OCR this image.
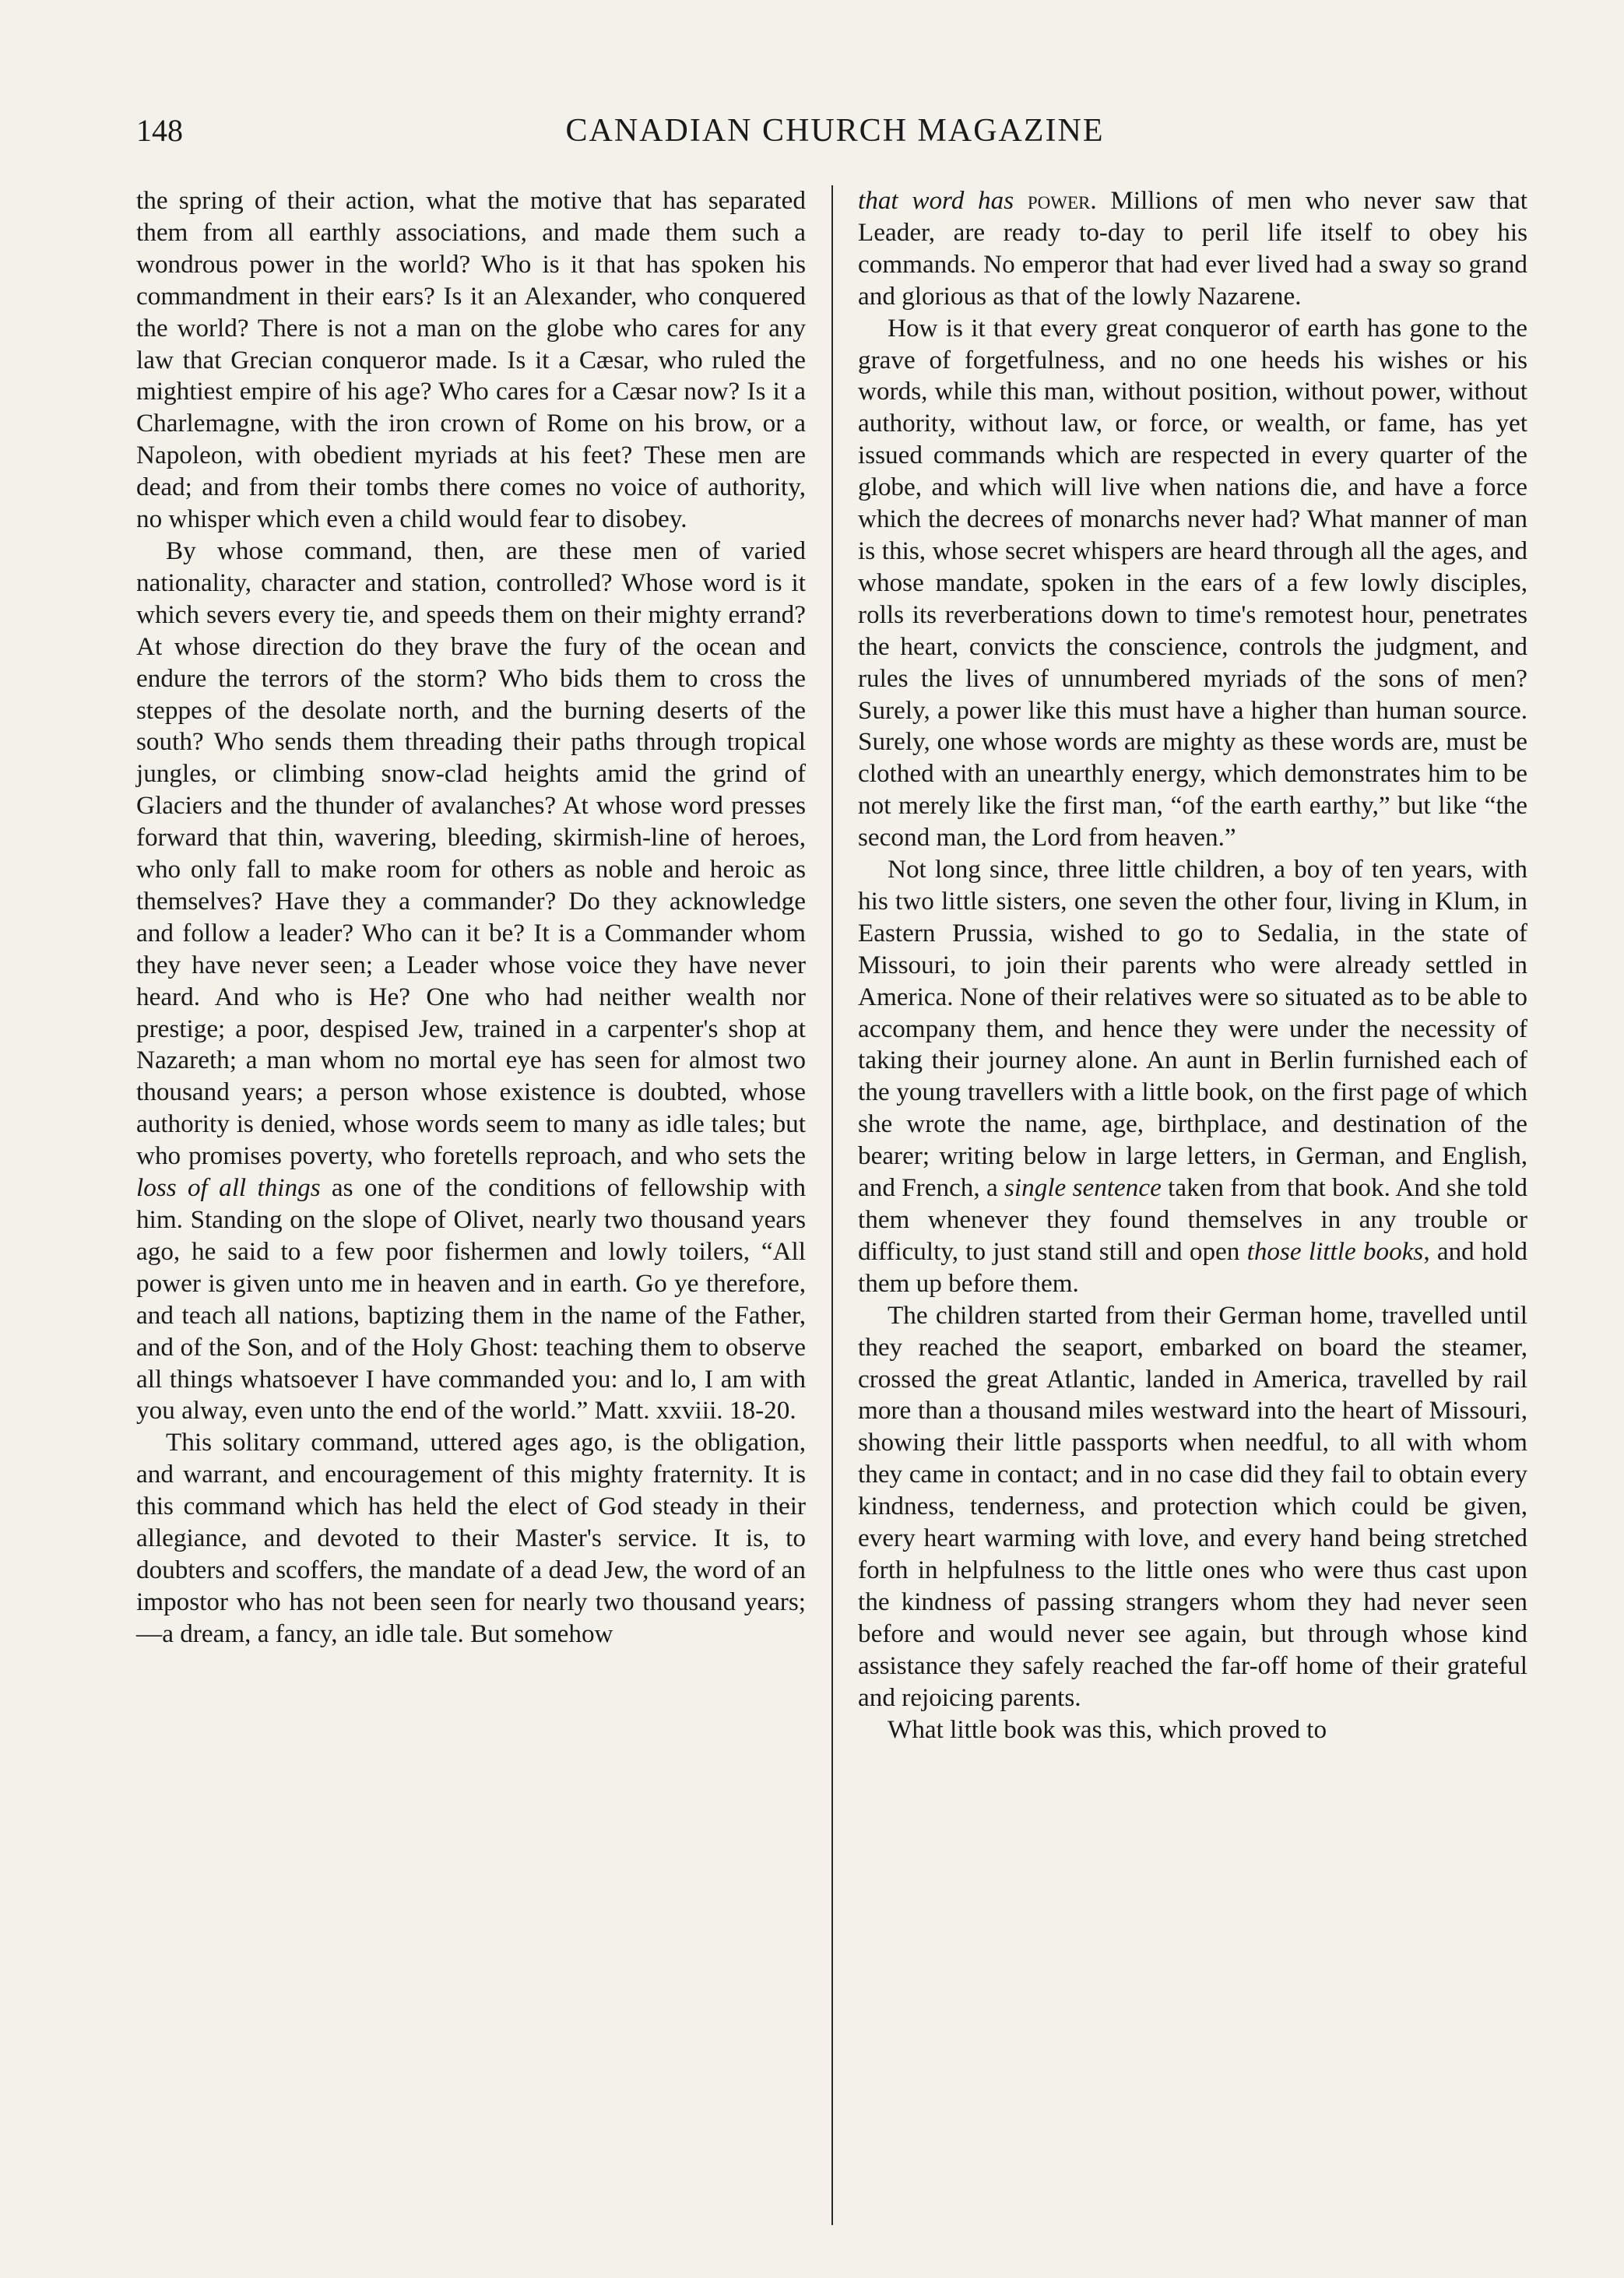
148	CANADIAN CHURCH MAGAZINE

the spring of their action, what the motive that has separated them from all earthly associations, and made them such a wondrous power in the world? Who is it that has spoken his commandment in their ears? Is it an Alexander, who conquered the world? There is not a man on the globe who cares for any law that Grecian conqueror made. Is it a Cæsar, who ruled the mightiest empire of his age? Who cares for a Cæsar now? Is it a Charlemagne, with the iron crown of Rome on his brow, or a Napoleon, with obedient myriads at his feet? These men are dead; and from their tombs there comes no voice of authority, no whisper which even a child would fear to disobey.

By whose command, then, are these men of varied nationality, character and station, controlled? Whose word is it which severs every tie, and speeds them on their mighty errand? At whose direction do they brave the fury of the ocean and endure the terrors of the storm? Who bids them to cross the steppes of the desolate north, and the burning deserts of the south? Who sends them threading their paths through tropical jungles, or climbing snow-clad heights amid the grind of Glaciers and the thunder of avalanches? At whose word presses forward that thin, wavering, bleeding, skirmish-line of heroes, who only fall to make room for others as noble and heroic as themselves? Have they a commander? Do they acknowledge and follow a leader? Who can it be? It is a Commander whom they have never seen; a Leader whose voice they have never heard. And who is He? One who had neither wealth nor prestige; a poor, despised Jew, trained in a carpenter's shop at Nazareth; a man whom no mortal eye has seen for almost two thousand years; a person whose existence is doubted, whose authority is denied, whose words seem to many as idle tales; but who promises poverty, who foretells reproach, and who sets the loss of all things as one of the conditions of fellowship with him. Standing on the slope of Olivet, nearly two thousand years ago, he said to a few poor fishermen and lowly toilers, “All power is given unto me in heaven and in earth. Go ye therefore, and teach all nations, baptizing them in the name of the Father, and of the Son, and of the Holy Ghost: teaching them to observe all things whatsoever I have commanded you: and lo, I am with you alway, even unto the end of the world.” Matt. xxviii. 18-20.

This solitary command, uttered ages ago, is the obligation, and warrant, and encouragement of this mighty fraternity. It is this command which has held the elect of God steady in their allegiance, and devoted to their Master's service. It is, to doubters and scoffers, the mandate of a dead Jew, the word of an impostor who has not been seen for nearly two thousand years;—a dream, a fancy, an idle tale. But somehow

that word has power. Millions of men who never saw that Leader, are ready to-day to peril life itself to obey his commands. No emperor that had ever lived had a sway so grand and glorious as that of the lowly Nazarene.

How is it that every great conqueror of earth has gone to the grave of forgetfulness, and no one heeds his wishes or his words, while this man, without position, without power, without authority, without law, or force, or wealth, or fame, has yet issued commands which are respected in every quarter of the globe, and which will live when nations die, and have a force which the decrees of monarchs never had? What manner of man is this, whose secret whispers are heard through all the ages, and whose mandate, spoken in the ears of a few lowly disciples, rolls its reverberations down to time's remotest hour, penetrates the heart, convicts the conscience, controls the judgment, and rules the lives of unnumbered myriads of the sons of men? Surely, a power like this must have a higher than human source. Surely, one whose words are mighty as these words are, must be clothed with an unearthly energy, which demonstrates him to be not merely like the first man, “of the earth earthy,” but like “the second man, the Lord from heaven.”

Not long since, three little children, a boy of ten years, with his two little sisters, one seven the other four, living in Klum, in Eastern Prussia, wished to go to Sedalia, in the state of Missouri, to join their parents who were already settled in America. None of their relatives were so situated as to be able to accompany them, and hence they were under the necessity of taking their journey alone. An aunt in Berlin furnished each of the young travellers with a little book, on the first page of which she wrote the name, age, birthplace, and destination of the bearer; writing below in large letters, in German, and English, and French, a single sentence taken from that book. And she told them whenever they found themselves in any trouble or difficulty, to just stand still and open those little books, and hold them up before them.

The children started from their German home, travelled until they reached the seaport, embarked on board the steamer, crossed the great Atlantic, landed in America, travelled by rail more than a thousand miles westward into the heart of Missouri, showing their little passports when needful, to all with whom they came in contact; and in no case did they fail to obtain every kindness, tenderness, and protection which could be given, every heart warming with love, and every hand being stretched forth in helpfulness to the little ones who were thus cast upon the kindness of passing strangers whom they had never seen before and would never see again, but through whose kind assistance they safely reached the far-off home of their grateful and rejoicing parents.

What little book was this, which proved to
